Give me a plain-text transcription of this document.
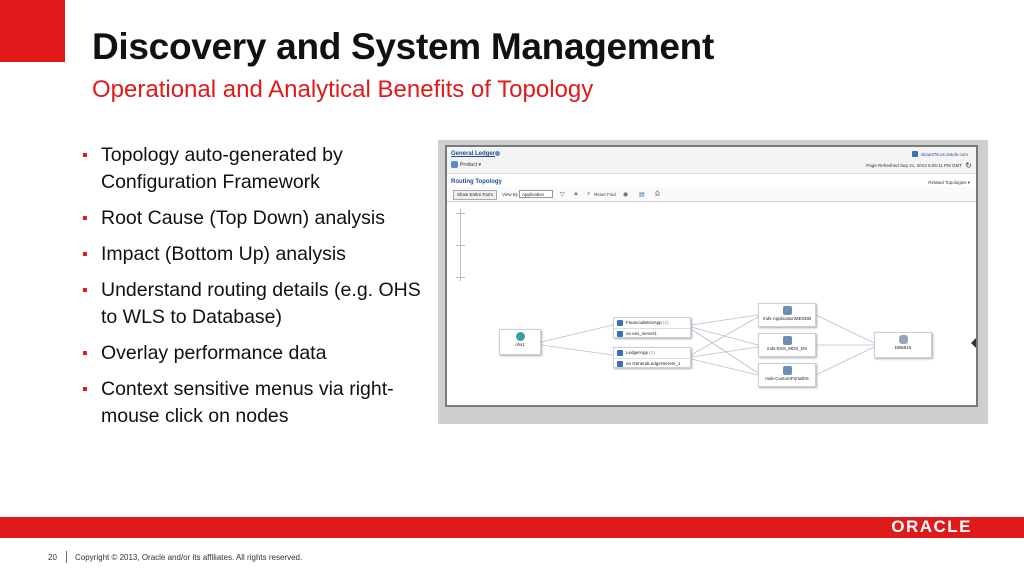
Discovery and System Management
Operational and Analytical Benefits of Topology
▪ Topology auto-generated by Configuration Framework
▪ Root Cause (Top Down) analysis
▪ Impact (Bottom Up) analysis
▪ Understand routing details (e.g. OHS to WLS to Database)
▪ Overlay performance data
▪ Context sensitive menus via right-mouse click on nodes
General Ledger
Product ▾
slcae378.us.oracle.com
Page Refreshed Sep 21, 2013 6:06:11 PM GMT ↻
Routing Topology	Related Topologies ▾
Show Entire Farm	View By Application	▽ ▲ ⌕ Reset Find ◉ ▤ ⎙
ohs1
FinancialsEssApp (1)
on ess_server1
LedgerApp (1)
on GeneralLedgerServer_1
mds-ApplicationMDSDB
mds-ESS_MDS_DS
mds-CustomPortalDS
DB6818
ORACLE
20 Copyright © 2013, Oracle and/or its affiliates. All rights reserved.
